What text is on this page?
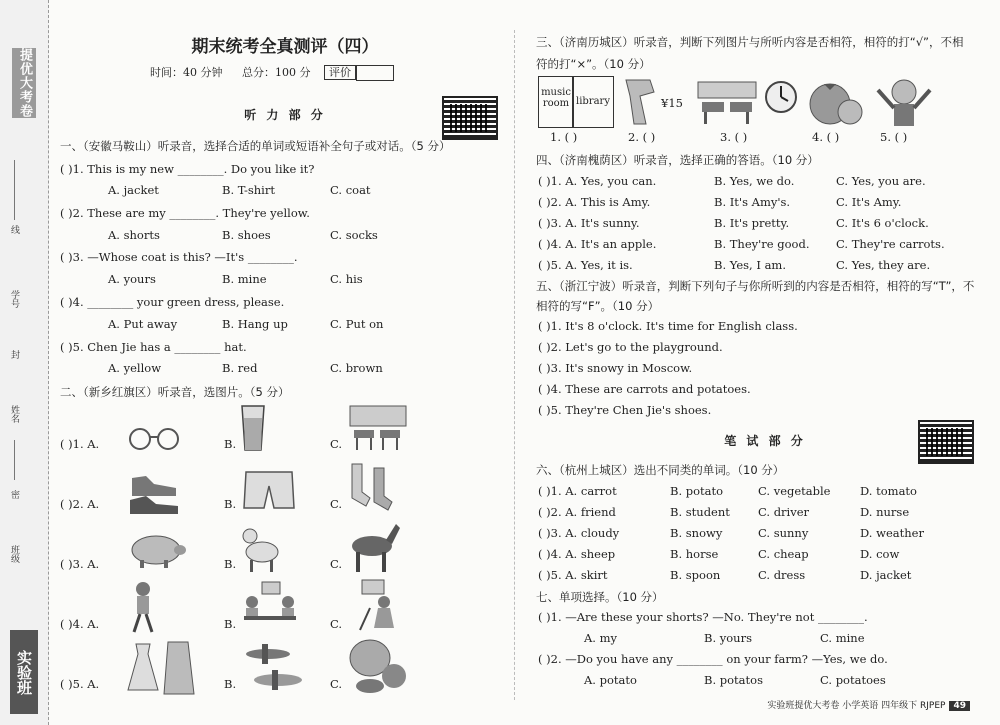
提优大考卷
线
学号
封
姓名
密
班级
实验班
期末统考全真测评（四）
时间：40 分钟 总分：100 分 评价
听 力 部 分
一、（安徽马鞍山）听录音，选择合适的单词或短语补全句子或对话。（5 分）
( )1. This is my new ________. Do you like it?
A. jacket	B. T-shirt	C. coat
( )2. These are my ________. They're yellow.
A. shorts	B. shoes	C. socks
( )3. —Whose coat is this? —It's ________.
A. yours	B. mine	C. his
( )4. ________ your green dress, please.
A. Put away	B. Hang up	C. Put on
( )5. Chen Jie has a ________ hat.
A. yellow	B. red	C. brown
二、（新乡红旗区）听录音，选图片。（5 分）
( )1. A.	B.	C.
( )2. A.	B.	C.
( )3. A.	B.	C.
( )4. A.	B.	C.
( )5. A.	B.	C.
三、（济南历城区）听录音，判断下列图片与所听内容是否相符，相符的打“√”，不相
符的打“×”。（10 分）
music
room library	¥15
1. ( )	2. ( )	3. ( )	4. ( )	5. ( )
四、（济南槐荫区）听录音，选择正确的答语。（10 分）
( )1. A. Yes, you can.	B. Yes, we do.	C. Yes, you are.
( )2. A. This is Amy.	B. It's Amy's.	C. It's Amy.
( )3. A. It's sunny.	B. It's pretty.	C. It's 6 o'clock.
( )4. A. It's an apple.	B. They're good. C. They're carrots.
( )5. A. Yes, it is.	B. Yes, I am.	C. Yes, they are.
五、（浙江宁波）听录音，判断下列句子与你所听到的内容是否相符，相符的写“T”，不
相符的写“F”。（10 分）
( )1. It's 8 o'clock. It's time for English class.
( )2. Let's go to the playground.
( )3. It's snowy in Moscow.
( )4. These are carrots and potatoes.
( )5. They're Chen Jie's shoes.
笔 试 部 分
六、（杭州上城区）选出不同类的单词。（10 分）
( )1. A. carrot	B. potato	C. vegetable	D. tomato
( )2. A. friend	B. student C. driver	D. nurse
( )3. A. cloudy	B. snowy	C. sunny	D. weather
( )4. A. sheep	B. horse	C. cheap	D. cow
( )5. A. skirt	B. spoon	C. dress	D. jacket
七、单项选择。（10 分）
( )1. —Are these your shorts? —No. They're not ________.
A. my	B. yours	C. mine
( )2. —Do you have any ________ on your farm? —Yes, we do.
A. potato	B. potatos	C. potatoes
实验班提优大考卷 小学英语 四年级下 RJPEP 49
